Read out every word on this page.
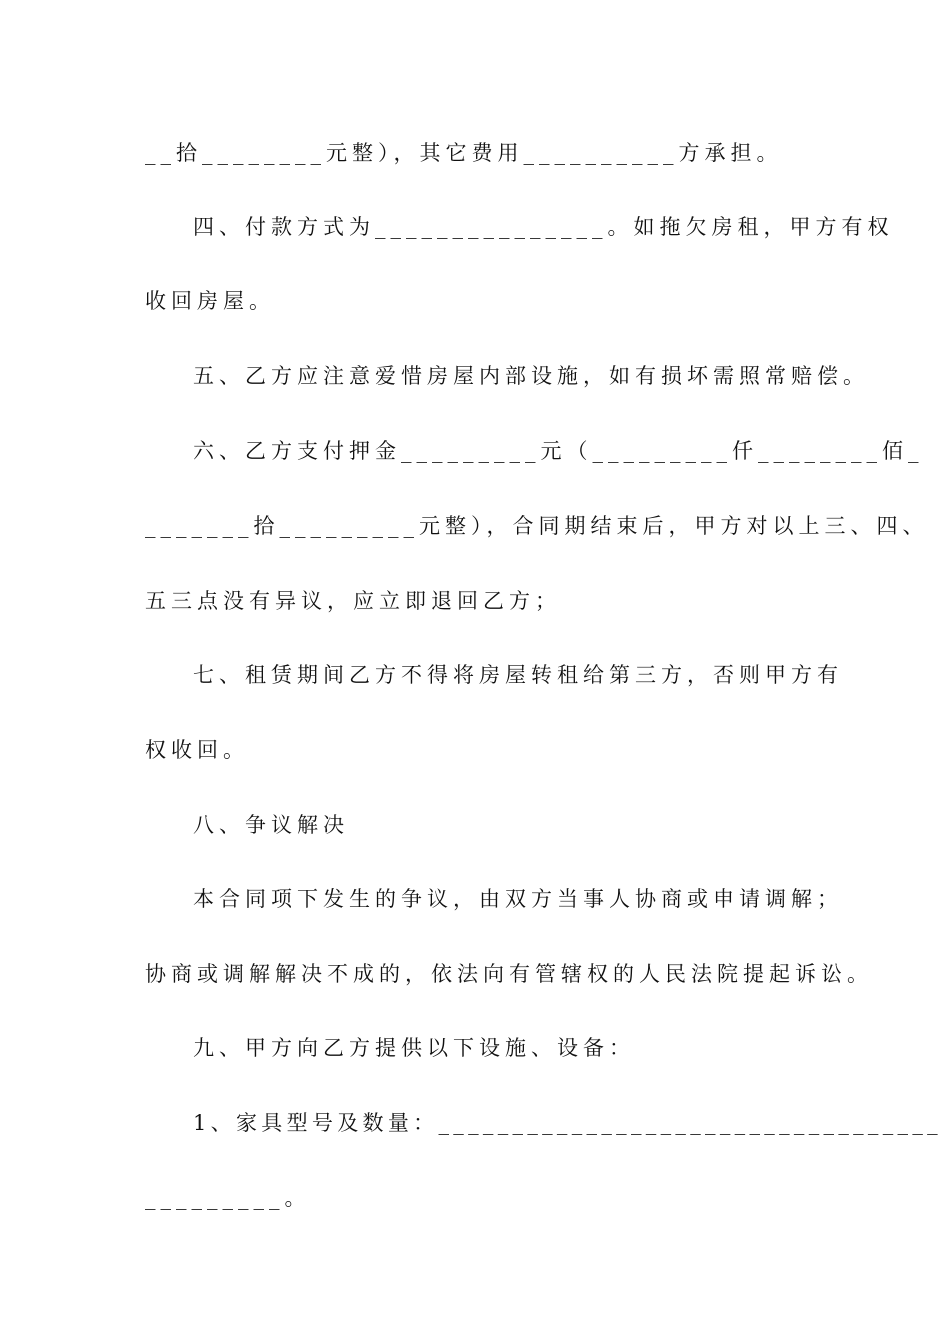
__拾________元整），其它费用__________方承担。
四、付款方式为_______________。如拖欠房租，甲方有权
收回房屋。
五、乙方应注意爱惜房屋内部设施，如有损坏需照常赔偿。
六、乙方支付押金_________元（_________仟________佰_
_______拾_________元整），合同期结束后，甲方对以上三、四、
五三点没有异议，应立即退回乙方；
七、租赁期间乙方不得将房屋转租给第三方，否则甲方有
权收回。
八、争议解决
本合同项下发生的争议，由双方当事人协商或申请调解；
协商或调解解决不成的，依法向有管辖权的人民法院提起诉讼。
九、甲方向乙方提供以下设施、设备：
1、家具型号及数量：__________________________________
_________。
